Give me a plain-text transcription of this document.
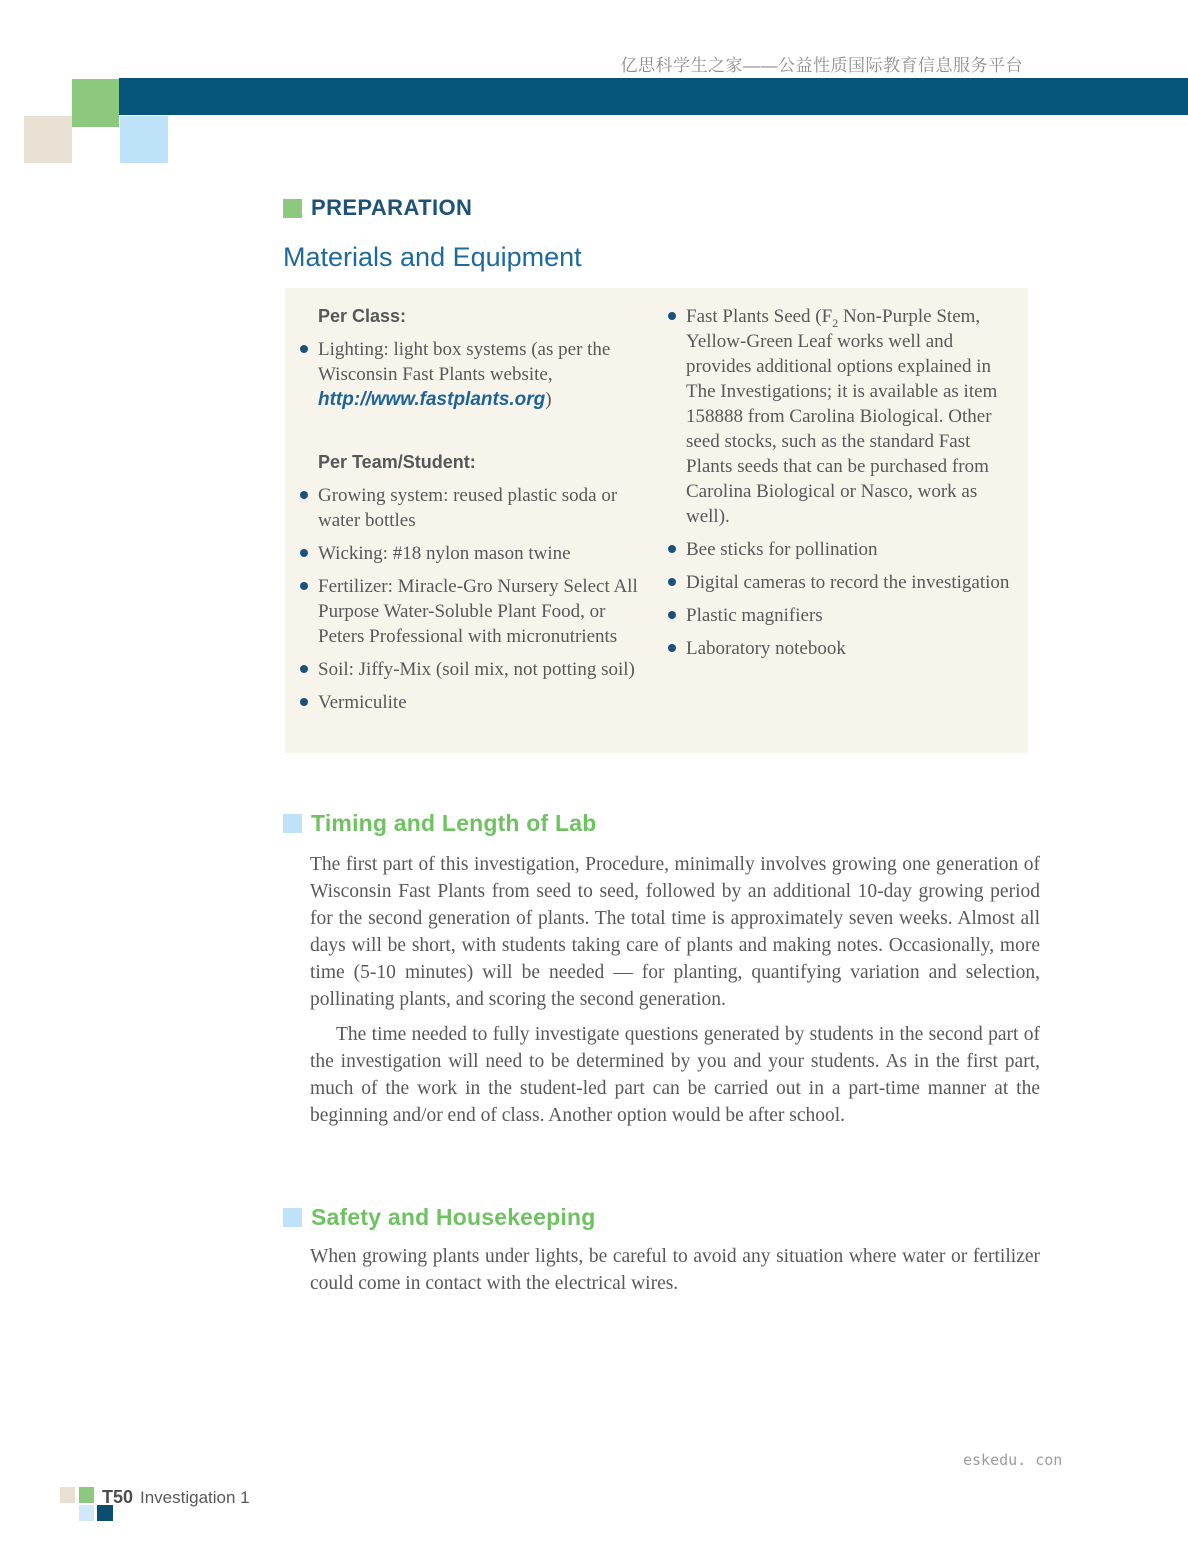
亿思科学生之家——公益性质国际教育信息服务平台
PREPARATION
Materials and Equipment
Per Class:
Lighting: light box systems (as per the Wisconsin Fast Plants website, http://www.fastplants.org)
Per Team/Student:
Growing system: reused plastic soda or water bottles
Wicking: #18 nylon mason twine
Fertilizer: Miracle-Gro Nursery Select All Purpose Water-Soluble Plant Food, or Peters Professional with micronutrients
Soil: Jiffy-Mix (soil mix, not potting soil)
Vermiculite
Fast Plants Seed ($F_2$ Non-Purple Stem, Yellow-Green Leaf works well and provides additional options explained in The Investigations; it is available as item 158888 from Carolina Biological. Other seed stocks, such as the standard Fast Plants seeds that can be purchased from Carolina Biological or Nasco, work as well).
Bee sticks for pollination
Digital cameras to record the investigation
Plastic magnifiers
Laboratory notebook
Timing and Length of Lab

The first part of this investigation, Procedure, minimally involves growing one generation of Wisconsin Fast Plants from seed to seed, followed by an additional 10-day growing period for the second generation of plants. The total time is approximately seven weeks. Almost all days will be short, with students taking care of plants and making notes. Occasionally, more time (5-10 minutes) will be needed — for planting, quantifying variation and selection, pollinating plants, and scoring the second generation.

The time needed to fully investigate questions generated by students in the second part of the investigation will need to be determined by you and your students. As in the first part, much of the work in the student-led part can be carried out in a part-time manner at the beginning and/or end of class. Another option would be after school.

Safety and Housekeeping

When growing plants under lights, be careful to avoid any situation where water or fertilizer could come in contact with the electrical wires.

eskedu. con
T50 Investigation 1
